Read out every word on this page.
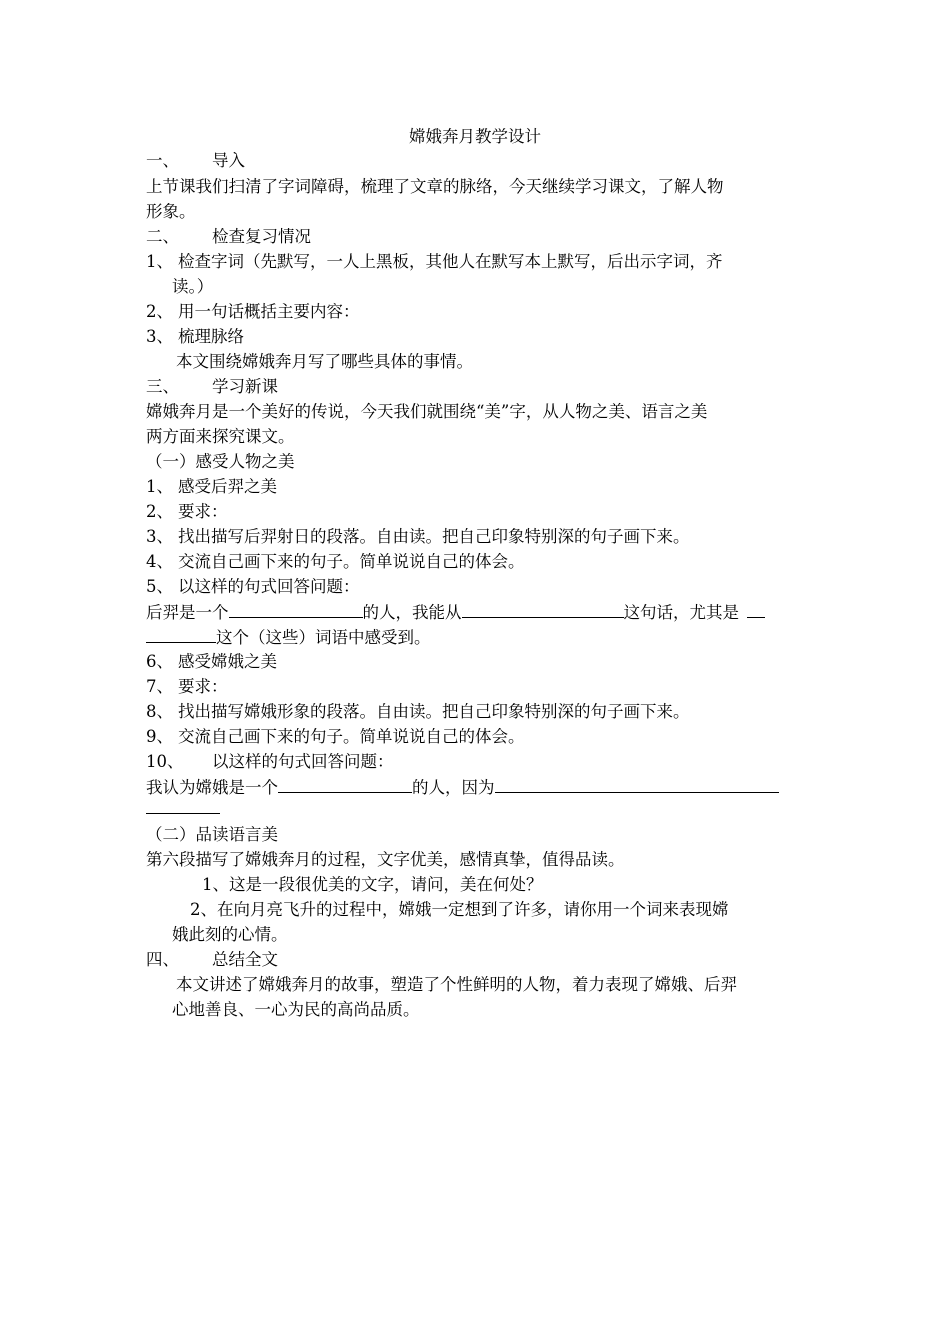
嫦娥奔月教学设计
一、 导入
上节课我们扫清了字词障碍，梳理了文章的脉络，今天继续学习课文，了解人物
形象。
二、 检查复习情况
1、 检查字词（先默写，一人上黑板，其他人在默写本上默写，后出示字词，齐
读。）
2、 用一句话概括主要内容：
3、 梳理脉络
本文围绕嫦娥奔月写了哪些具体的事情。
三、 学习新课
嫦娥奔月是一个美好的传说，今天我们就围绕“美”字，从人物之美、语言之美
两方面来探究课文。
（一）感受人物之美
1、 感受后羿之美
2、 要求：
3、 找出描写后羿射日的段落。自由读。把自己印象特别深的句子画下来。
4、 交流自己画下来的句子。简单说说自己的体会。
5、 以这样的句式回答问题：
后羿是一个	的人，我能从	这句话，尤其是
这个（这些）词语中感受到。
6、 感受嫦娥之美
7、 要求：
8、 找出描写嫦娥形象的段落。自由读。把自己印象特别深的句子画下来。
9、 交流自己画下来的句子。简单说说自己的体会。
10、 以这样的句式回答问题：
我认为嫦娥是一个	的人，因为
（二）品读语言美
第六段描写了嫦娥奔月的过程，文字优美，感情真挚，值得品读。
1、这是一段很优美的文字，请问，美在何处？
2、在向月亮飞升的过程中，嫦娥一定想到了许多，请你用一个词来表现嫦
娥此刻的心情。
四、 总结全文
本文讲述了嫦娥奔月的故事，塑造了个性鲜明的人物，着力表现了嫦娥、后羿
心地善良、一心为民的高尚品质。
